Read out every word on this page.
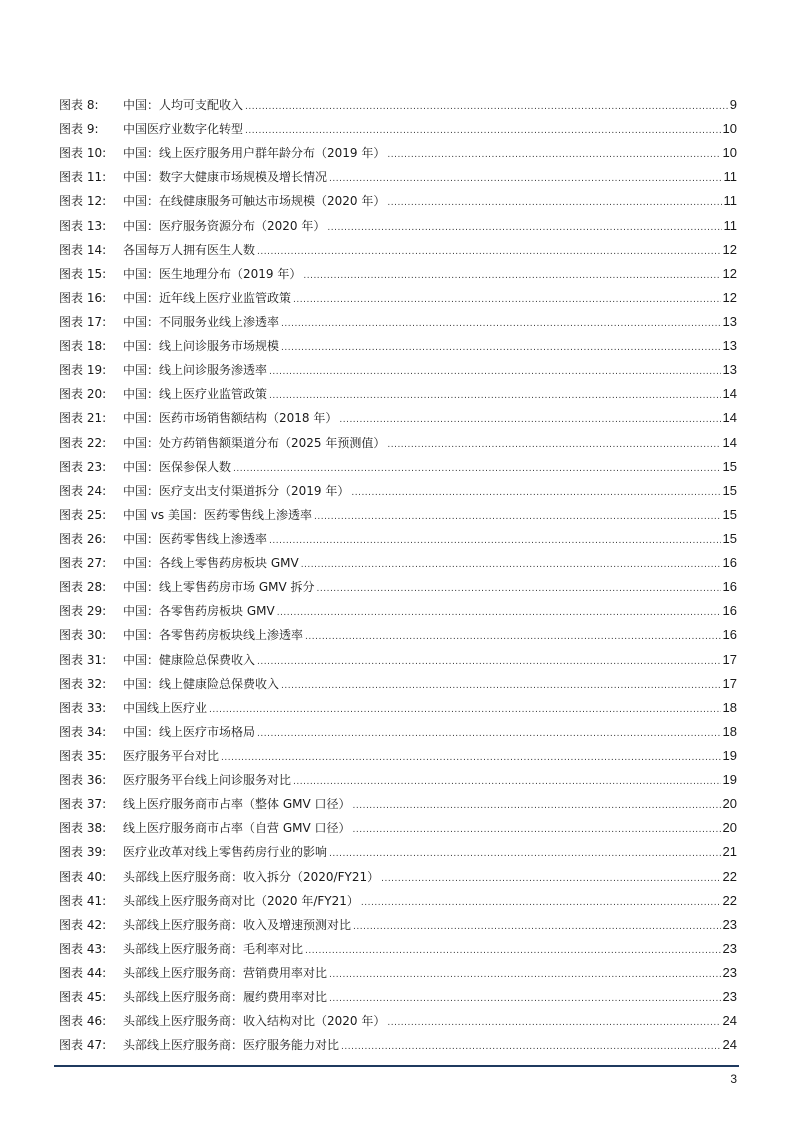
图表 8:	中国：人均可支配收入 .....	9
图表 9:	中国医疗业数字化转型 .....	10
图表 10:	中国：线上医疗服务用户群年龄分布（2019 年） .....	10
图表 11:	中国：数字大健康市场规模及增长情况 .....	11
图表 12:	中国：在线健康服务可触达市场规模（2020 年） .....	11
图表 13:	中国：医疗服务资源分布（2020 年） .....	11
图表 14:	各国每万人拥有医生人数 .....	12
图表 15:	中国：医生地理分布（2019 年） .....	12
图表 16:	中国：近年线上医疗业监管政策 .....	12
图表 17:	中国：不同服务业线上渗透率 .....	13
图表 18:	中国：线上问诊服务市场规模 .....	13
图表 19:	中国：线上问诊服务渗透率 .....	13
图表 20:	中国：线上医疗业监管政策 .....	14
图表 21:	中国：医药市场销售额结构（2018 年） .....	14
图表 22:	中国：处方药销售额渠道分布（2025 年预测值） .....	14
图表 23:	中国：医保参保人数 .....	15
图表 24:	中国：医疗支出支付渠道拆分（2019 年） .....	15
图表 25:	中国 vs 美国：医药零售线上渗透率 .....	15
图表 26:	中国：医药零售线上渗透率 .....	15
图表 27:	中国：各线上零售药房板块 GMV .....	16
图表 28:	中国：线上零售药房市场 GMV 拆分 .....	16
图表 29:	中国：各零售药房板块 GMV .....	16
图表 30:	中国：各零售药房板块线上渗透率 .....	16
图表 31:	中国：健康险总保费收入 .....	17
图表 32:	中国：线上健康险总保费收入 .....	17
图表 33:	中国线上医疗业 .....	18
图表 34:	中国：线上医疗市场格局 .....	18
图表 35:	医疗服务平台对比 .....	19
图表 36:	医疗服务平台线上问诊服务对比 .....	19
图表 37:	线上医疗服务商市占率（整体 GMV 口径） .....	20
图表 38:	线上医疗服务商市占率（自营 GMV 口径） .....	20
图表 39:	医疗业改革对线上零售药房行业的影响 .....	21
图表 40:	头部线上医疗服务商：收入拆分（2020/FY21） .....	22
图表 41:	头部线上医疗服务商对比（2020 年/FY21） .....	22
图表 42:	头部线上医疗服务商：收入及增速预测对比 .....	23
图表 43:	头部线上医疗服务商：毛利率对比 .....	23
图表 44:	头部线上医疗服务商：营销费用率对比 .....	23
图表 45:	头部线上医疗服务商：履约费用率对比 .....	23
图表 46:	头部线上医疗服务商：收入结构对比（2020 年） .....	24
图表 47:	头部线上医疗服务商：医疗服务能力对比 .....	24
3
